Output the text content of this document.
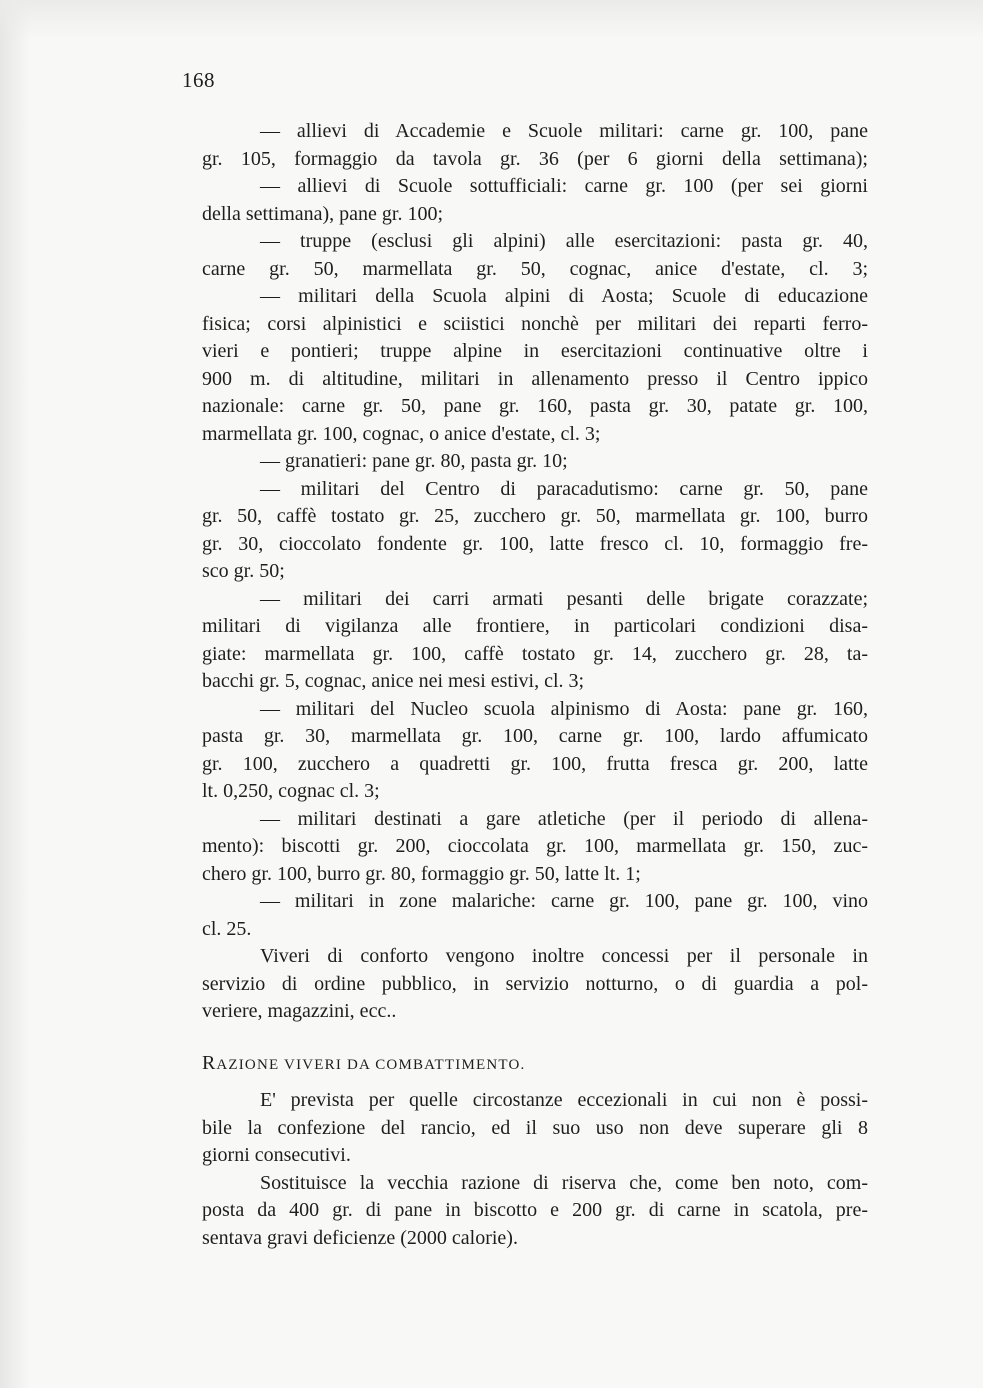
168
— allievi di Accademie e Scuole militari: carne gr. 100, pane
gr. 105, formaggio da tavola gr. 36 (per 6 giorni della settimana);
— allievi di Scuole sottufficiali: carne gr. 100 (per sei giorni
della settimana), pane gr. 100;
— truppe (esclusi gli alpini) alle esercitazioni: pasta gr. 40,
carne gr. 50, marmellata gr. 50, cognac, anice d'estate, cl. 3;
— militari della Scuola alpini di Aosta; Scuole di educazione
fisica; corsi alpinistici e sciistici nonchè per militari dei reparti ferro-
vieri e pontieri; truppe alpine in esercitazioni continuative oltre i
900 m. di altitudine, militari in allenamento presso il Centro ippico
nazionale: carne gr. 50, pane gr. 160, pasta gr. 30, patate gr. 100,
marmellata gr. 100, cognac, o anice d'estate, cl. 3;
— granatieri: pane gr. 80, pasta gr. 10;
— militari del Centro di paracadutismo: carne gr. 50, pane
gr. 50, caffè tostato gr. 25, zucchero gr. 50, marmellata gr. 100, burro
gr. 30, cioccolato fondente gr. 100, latte fresco cl. 10, formaggio fre-
sco gr. 50;
— militari dei carri armati pesanti delle brigate corazzate;
militari di vigilanza alle frontiere, in particolari condizioni disa-
giate: marmellata gr. 100, caffè tostato gr. 14, zucchero gr. 28, ta-
bacchi gr. 5, cognac, anice nei mesi estivi, cl. 3;
— militari del Nucleo scuola alpinismo di Aosta: pane gr. 160,
pasta gr. 30, marmellata gr. 100, carne gr. 100, lardo affumicato
gr. 100, zucchero a quadretti gr. 100, frutta fresca gr. 200, latte
lt. 0,250, cognac cl. 3;
— militari destinati a gare atletiche (per il periodo di allena-
mento): biscotti gr. 200, cioccolata gr. 100, marmellata gr. 150, zuc-
chero gr. 100, burro gr. 80, formaggio gr. 50, latte lt. 1;
— militari in zone malariche: carne gr. 100, pane gr. 100, vino
cl. 25.
Viveri di conforto vengono inoltre concessi per il personale in
servizio di ordine pubblico, in servizio notturno, o di guardia a pol-
veriere, magazzini, ecc..
RAZIONE VIVERI DA COMBATTIMENTO.
E' prevista per quelle circostanze eccezionali in cui non è possi-
bile la confezione del rancio, ed il suo uso non deve superare gli 8
giorni consecutivi.
Sostituisce la vecchia razione di riserva che, come ben noto, com-
posta da 400 gr. di pane in biscotto e 200 gr. di carne in scatola, pre-
sentava gravi deficienze (2000 calorie).
